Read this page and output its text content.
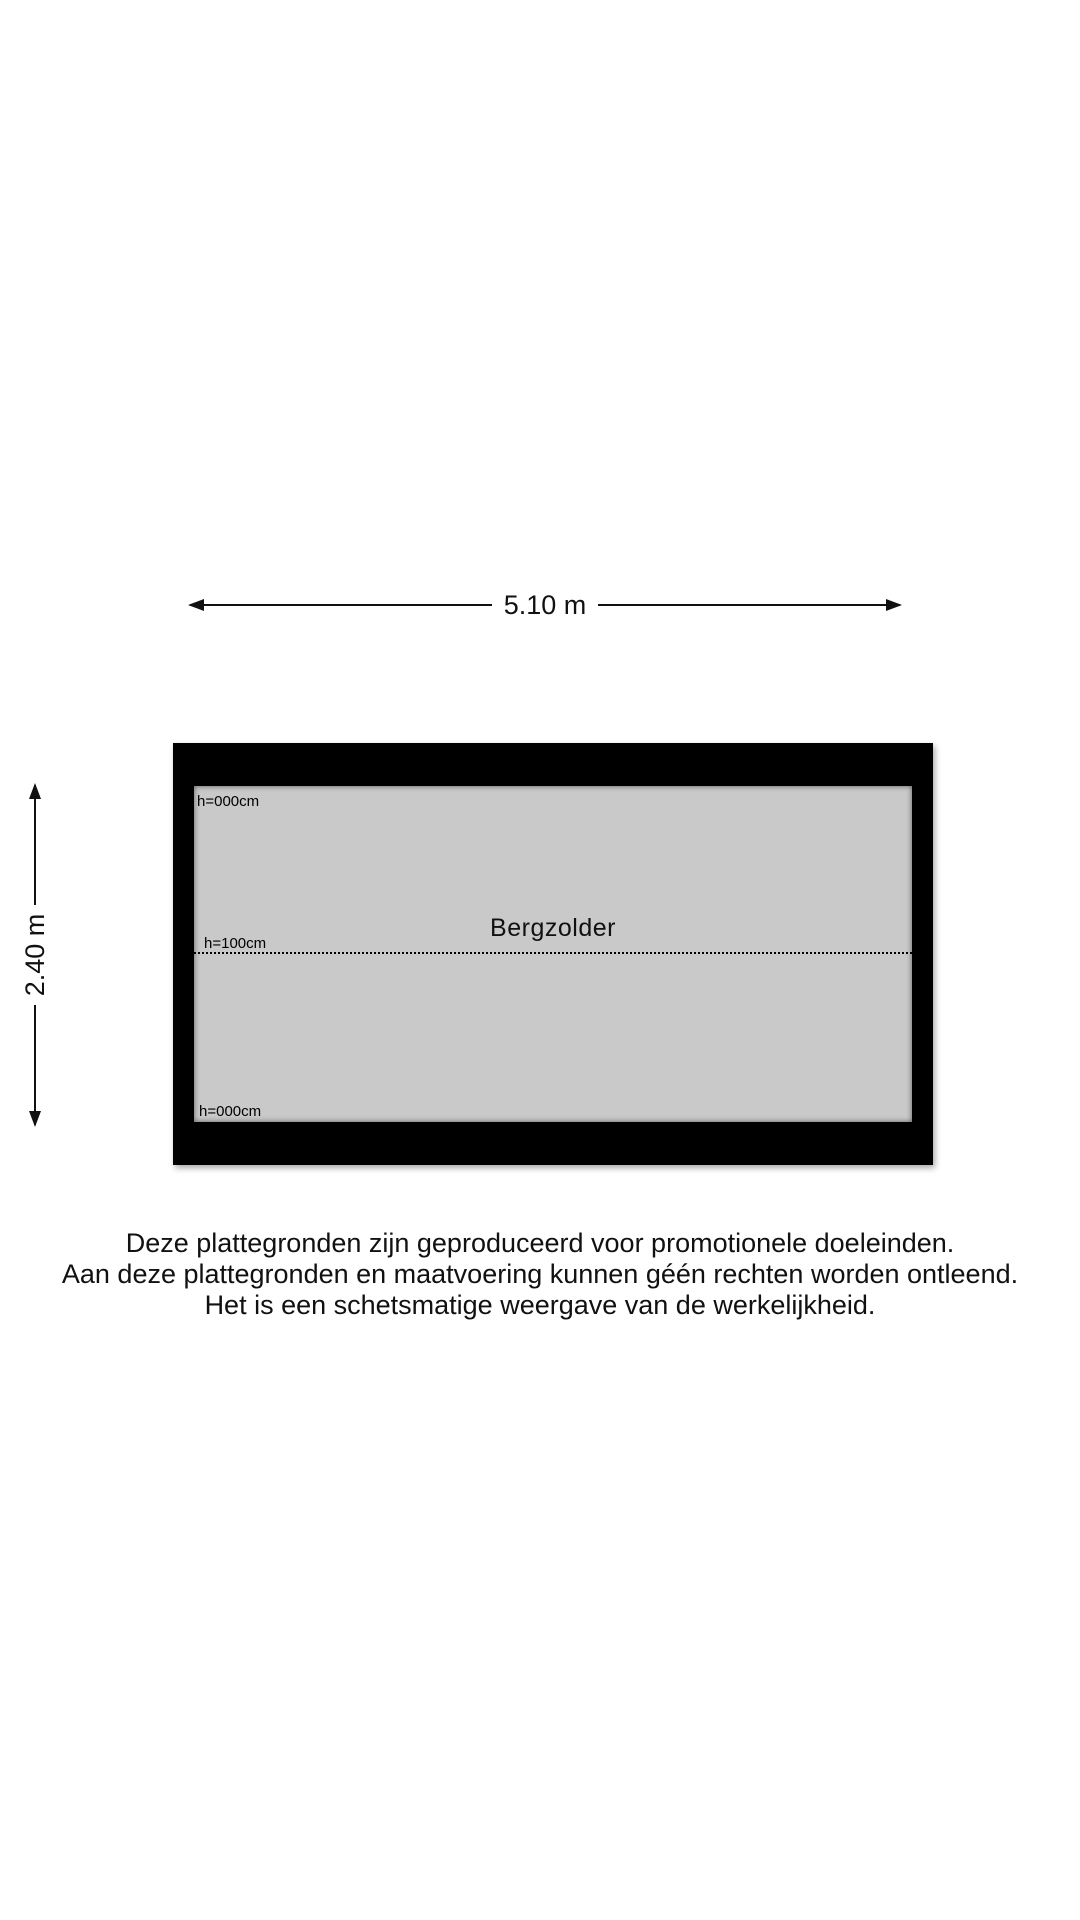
5.10 m
2.40 m
h=000cm
Bergzolder
h=100cm
h=000cm
Deze plattegronden zijn geproduceerd voor promotionele doeleinden.
Aan deze plattegronden en maatvoering kunnen géén rechten worden ontleend.
Het is een schetsmatige weergave van de werkelijkheid.
